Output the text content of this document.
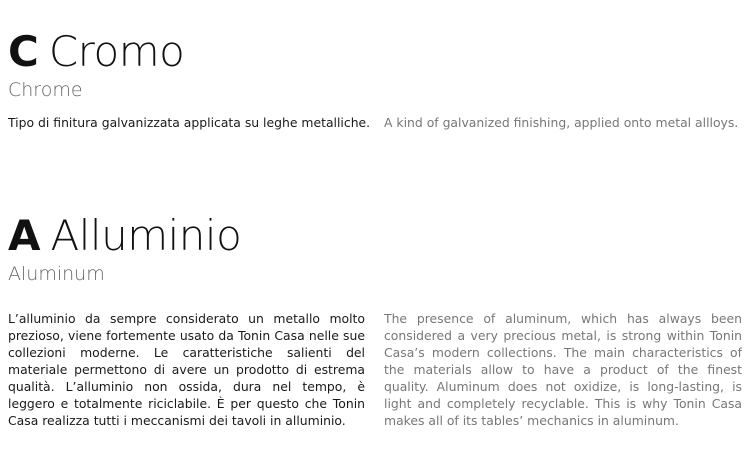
C Cromo
Chrome

Tipo di finitura galvanizzata applicata su leghe metalliche. A kind of galvanized finishing, applied onto metal allloys.

A Alluminio
Aluminum

L’alluminio da sempre considerato un metallo molto prezioso, viene fortemente usato da Tonin Casa nelle sue collezioni moderne. Le caratteristiche salienti del materiale permettono di avere un prodotto di estrema qualità. L’alluminio non ossida, dura nel tempo, è leggero e totalmente riciclabile. È per questo che Tonin Casa realizza tutti i meccanismi dei tavoli in alluminio.

The presence of aluminum, which has always been considered a very precious metal, is strong within Tonin Casa’s modern collections. The main characteristics of the materials allow to have a product of the finest quality. Aluminum does not oxidize, is long-lasting, is light and completely recyclable. This is why Tonin Casa makes all of its tables’ mechanics in aluminum.
